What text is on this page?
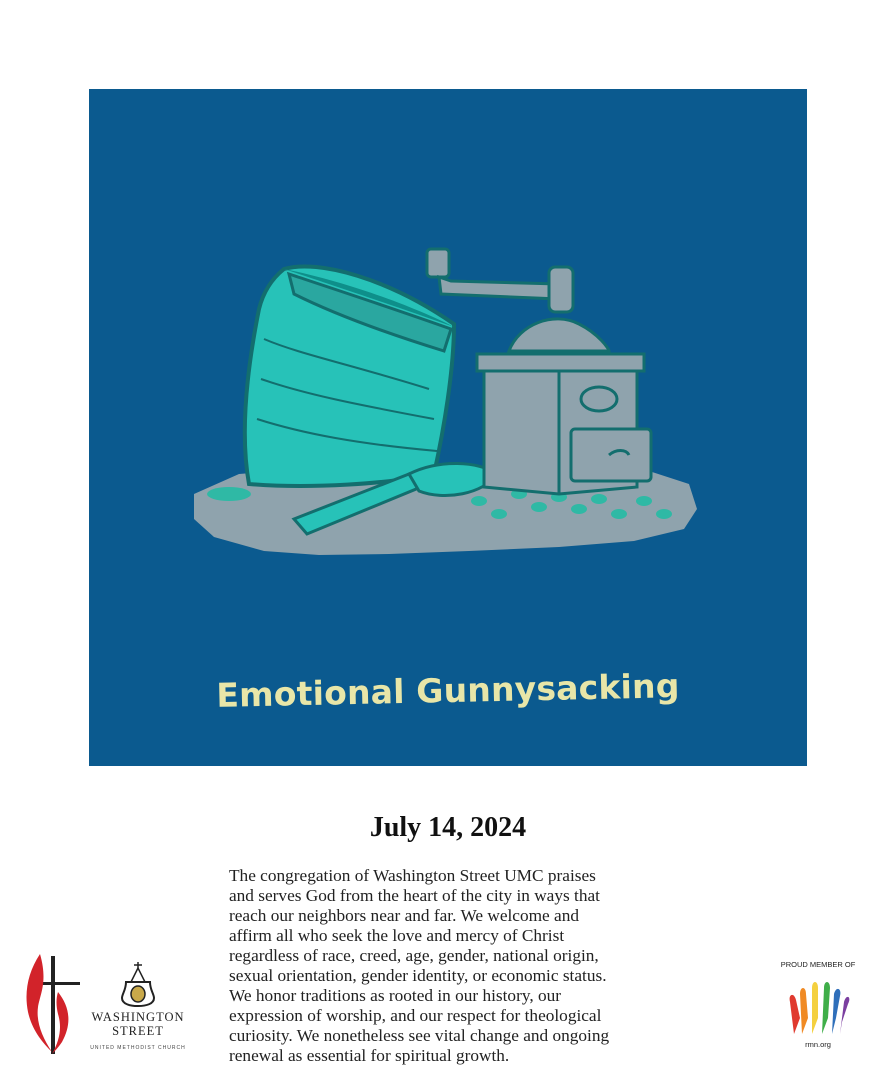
Emotional Gunnysacking
July 14, 2024
The congregation of Washington Street UMC praises
and serves God from the heart of the city in ways that
reach our neighbors near and far. We welcome and
affirm all who seek the love and mercy of Christ
regardless of race, creed, age, gender, national origin,
sexual orientation, gender identity, or economic status.
We honor traditions as rooted in our history, our
expression of worship, and our respect for theological
curiosity. We nonetheless see vital change and ongoing
renewal as essential for spiritual growth.
WASHINGTON
STREET
UNITED METHODIST CHURCH
PROUD MEMBER OF
rmn.org
